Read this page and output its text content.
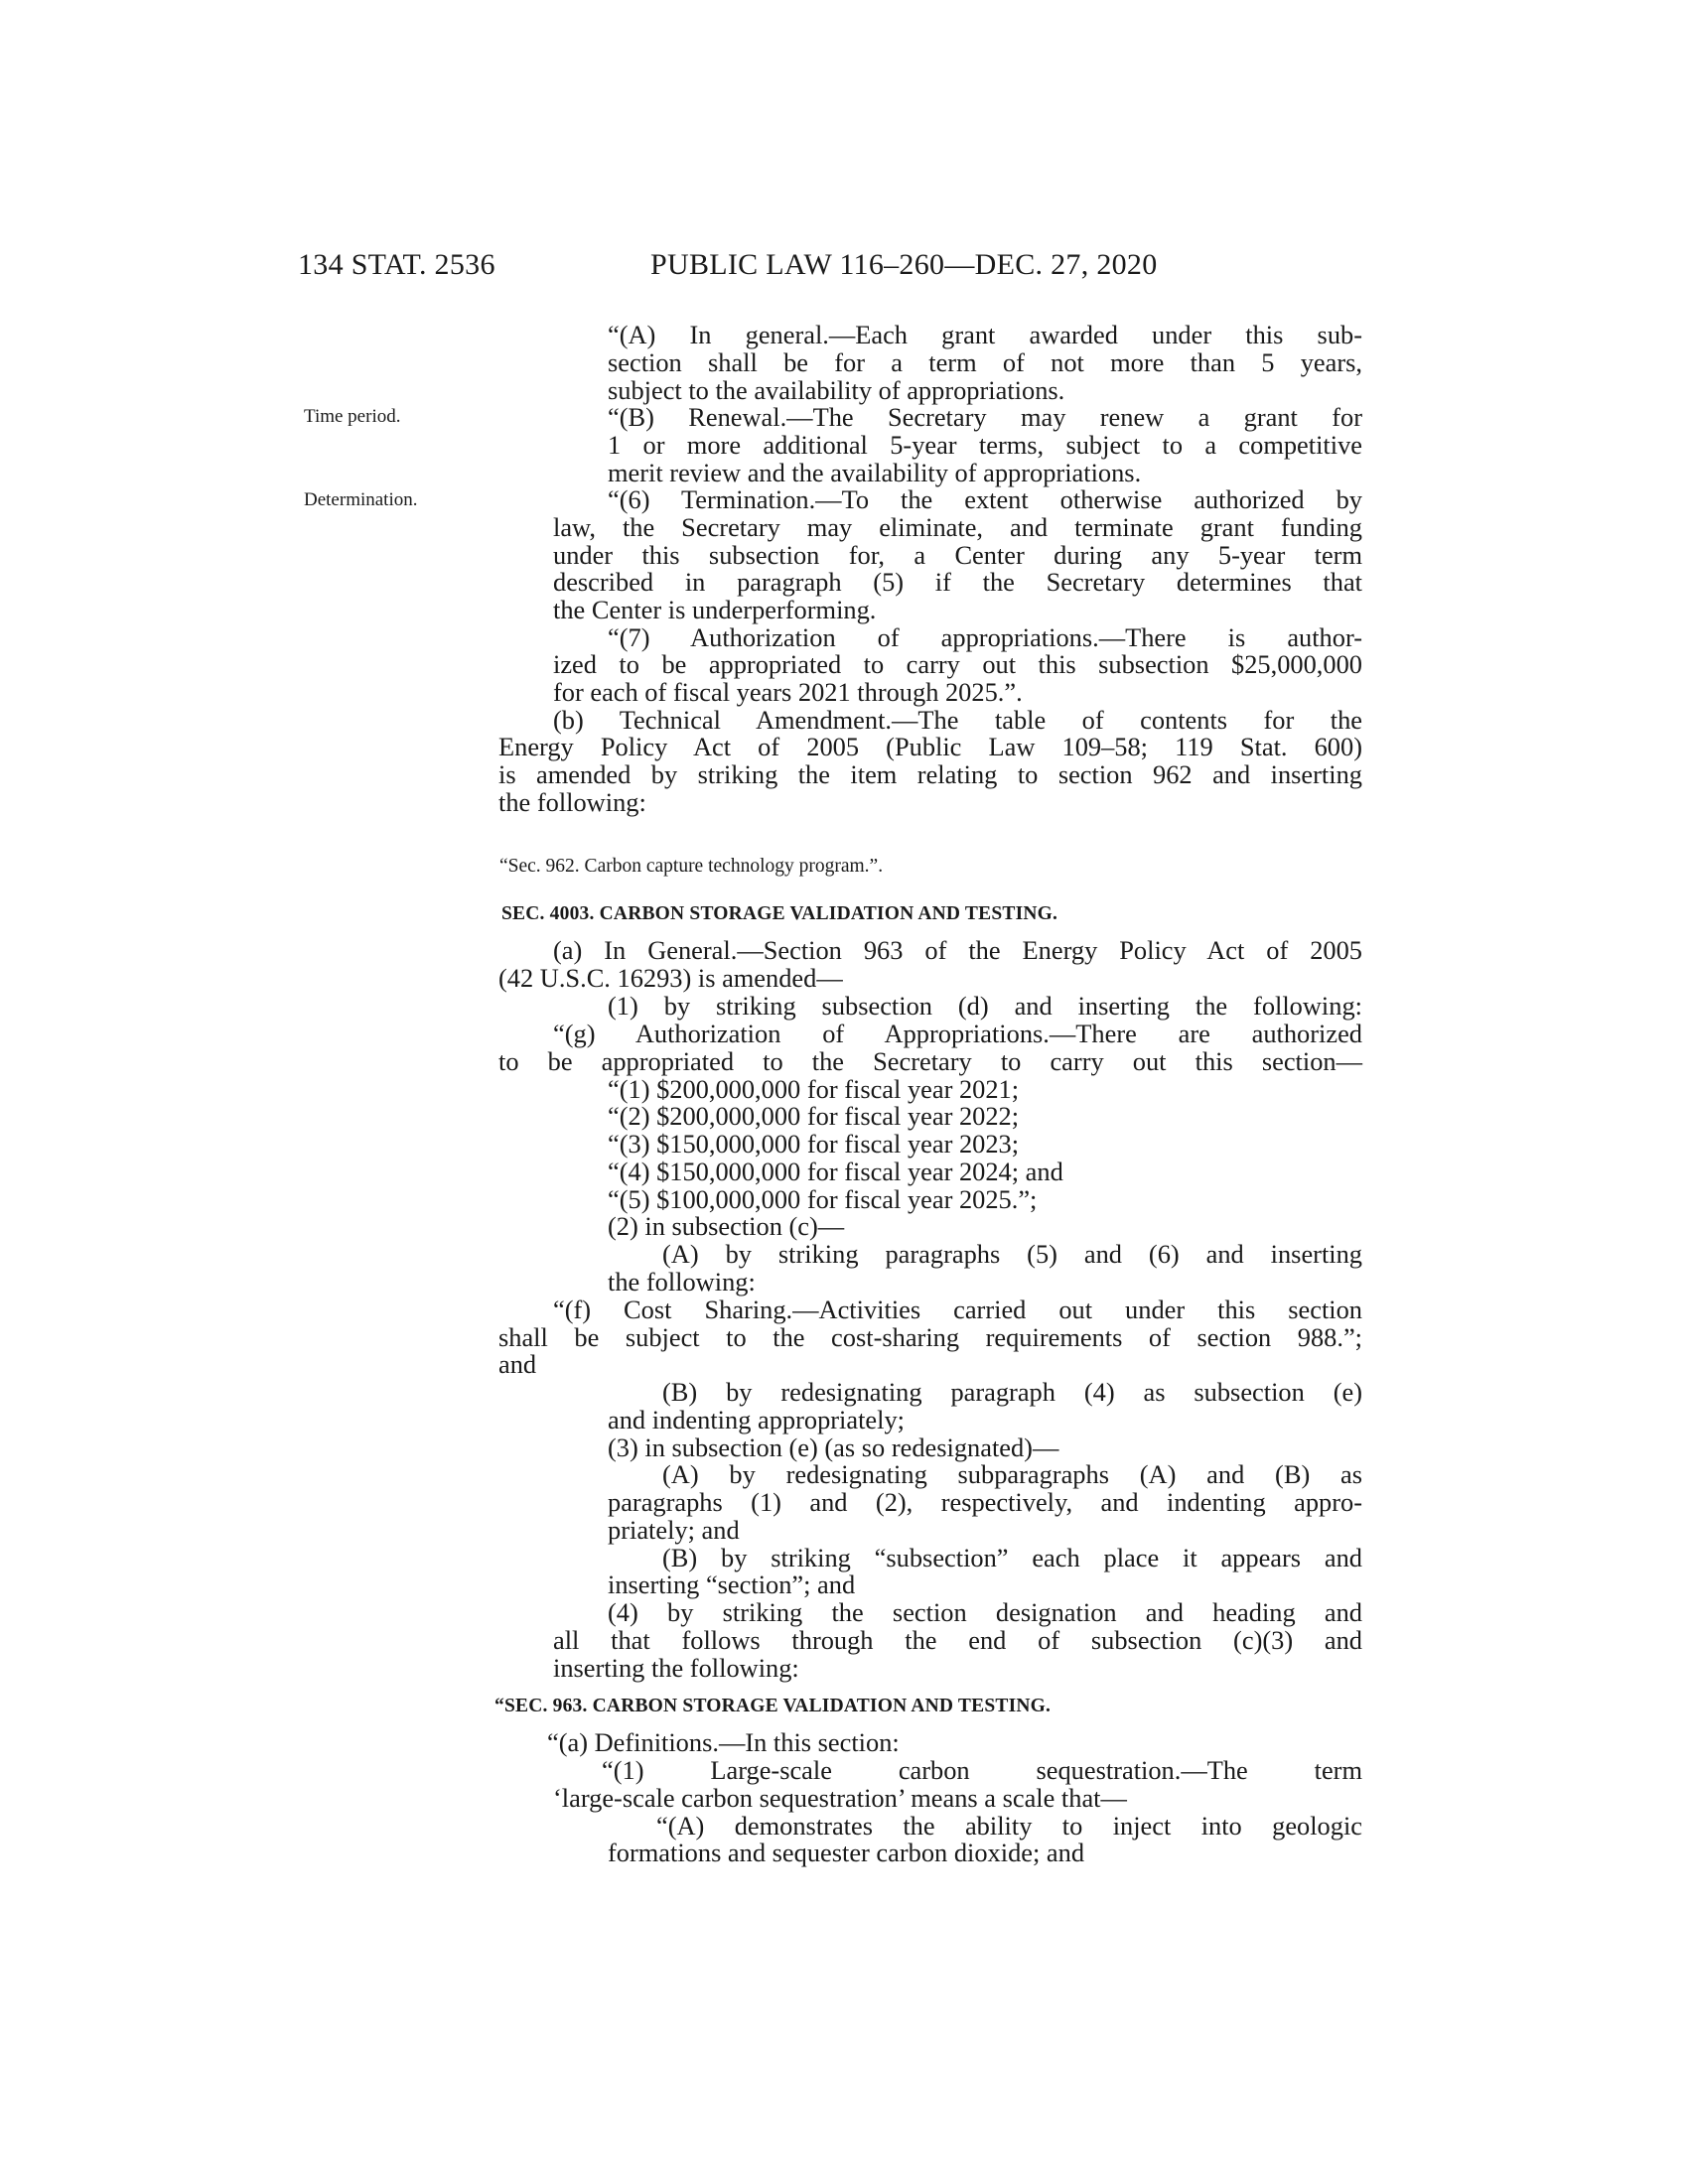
134 STAT. 2536	PUBLIC LAW 116–260—DEC. 27, 2020
Time period.
Determination.
“(A) In general.—Each grant awarded under this sub-
section shall be for a term of not more than 5 years,
subject to the availability of appropriations.
“(B) Renewal.—The Secretary may renew a grant for
1 or more additional 5-year terms, subject to a competitive
merit review and the availability of appropriations.
“(6) Termination.—To the extent otherwise authorized by
law, the Secretary may eliminate, and terminate grant funding
under this subsection for, a Center during any 5-year term
described in paragraph (5) if the Secretary determines that
the Center is underperforming.
“(7) Authorization of appropriations.—There is author-
ized to be appropriated to carry out this subsection $25,000,000
for each of fiscal years 2021 through 2025.”.
(b) Technical Amendment.—The table of contents for the
Energy Policy Act of 2005 (Public Law 109–58; 119 Stat. 600)
is amended by striking the item relating to section 962 and inserting
the following:
“Sec. 962. Carbon capture technology program.”.
SEC. 4003. CARBON STORAGE VALIDATION AND TESTING.
(a) In General.—Section 963 of the Energy Policy Act of 2005
(42 U.S.C. 16293) is amended—
(1) by striking subsection (d) and inserting the following:
“(g) Authorization of Appropriations.—There are authorized
to be appropriated to the Secretary to carry out this section—
“(1) $200,000,000 for fiscal year 2021;
“(2) $200,000,000 for fiscal year 2022;
“(3) $150,000,000 for fiscal year 2023;
“(4) $150,000,000 for fiscal year 2024; and
“(5) $100,000,000 for fiscal year 2025.”;
(2) in subsection (c)—
(A) by striking paragraphs (5) and (6) and inserting
the following:
“(f) Cost Sharing.—Activities carried out under this section
shall be subject to the cost-sharing requirements of section 988.”;
and
(B) by redesignating paragraph (4) as subsection (e)
and indenting appropriately;
(3) in subsection (e) (as so redesignated)—
(A) by redesignating subparagraphs (A) and (B) as
paragraphs (1) and (2), respectively, and indenting appro-
priately; and
(B) by striking “subsection” each place it appears and
inserting “section”; and
(4) by striking the section designation and heading and
all that follows through the end of subsection (c)(3) and
inserting the following:
“SEC. 963. CARBON STORAGE VALIDATION AND TESTING.
“(a) Definitions.—In this section:
“(1) Large-scale carbon sequestration.—The term
‘large-scale carbon sequestration’ means a scale that—
“(A) demonstrates the ability to inject into geologic
formations and sequester carbon dioxide; and
